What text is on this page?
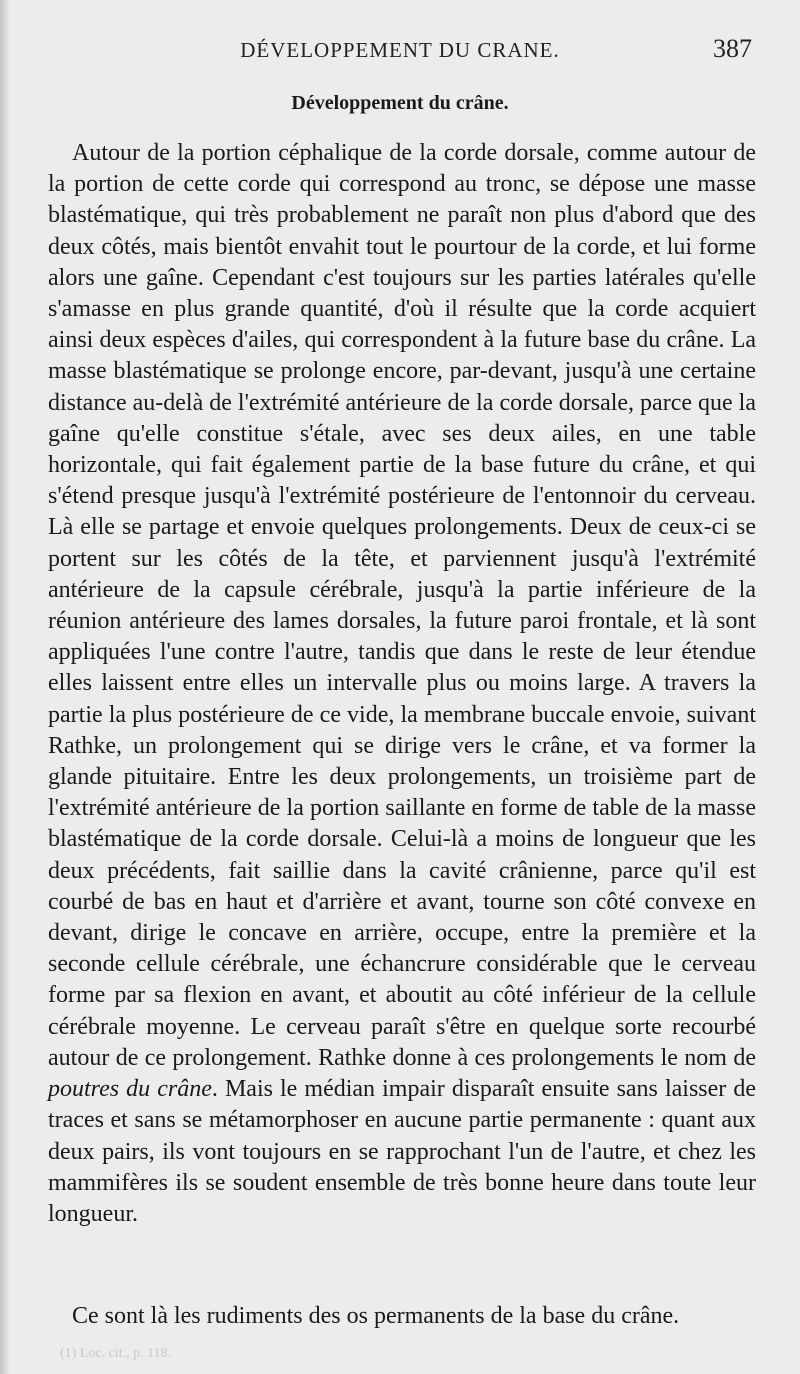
DÉVELOPPEMENT DU CRANE.	387
Développement du crâne.

 Autour de la portion céphalique de la corde dorsale, comme autour de la portion de cette corde qui correspond au tronc, se dépose une masse blastématique, qui très probablement ne paraît non plus d'abord que des deux côtés, mais bientôt envahit tout le pourtour de la corde, et lui forme alors une gaîne. Cependant c'est toujours sur les parties latérales qu'elle s'amasse en plus grande quantité, d'où il résulte que la corde acquiert ainsi deux espèces d'ailes, qui correspondent à la future base du crâne. La masse blastématique se prolonge encore, par-devant, jusqu'à une certaine distance au-delà de l'extrémité antérieure de la corde dorsale, parce que la gaîne qu'elle constitue s'étale, avec ses deux ailes, en une table horizontale, qui fait également partie de la base future du crâne, et qui s'étend presque jusqu'à l'extrémité postérieure de l'entonnoir du cerveau. Là elle se partage et envoie quelques prolongements. Deux de ceux-ci se portent sur les côtés de la tête, et parviennent jusqu'à l'extrémité antérieure de la capsule cérébrale, jusqu'à la partie inférieure de la réunion antérieure des lames dorsales, la future paroi frontale, et là sont appliquées l'une contre l'autre, tandis que dans le reste de leur étendue elles laissent entre elles un intervalle plus ou moins large. A travers la partie la plus postérieure de ce vide, la membrane buccale envoie, suivant Rathke, un prolongement qui se dirige vers le crâne, et va former la glande pituitaire. Entre les deux prolongements, un troisième part de l'extrémité antérieure de la portion saillante en forme de table de la masse blastématique de la corde dorsale. Celui-là a moins de longueur que les deux précédents, fait saillie dans la cavité crânienne, parce qu'il est courbé de bas en haut et d'arrière et avant, tourne son côté convexe en devant, dirige le concave en arrière, occupe, entre la première et la seconde cellule cérébrale, une échancrure considérable que le cerveau forme par sa flexion en avant, et aboutit au côté inférieur de la cellule cérébrale moyenne. Le cerveau paraît s'être en quelque sorte recourbé autour de ce prolongement. Rathke donne à ces prolongements le nom de poutres du crâne. Mais le médian impair disparaît ensuite sans laisser de traces et sans se métamorphoser en aucune partie permanente : quant aux deux pairs, ils vont toujours en se rapprochant l'un de l'autre, et chez les mammifères ils se soudent ensemble de très bonne heure dans toute leur longueur.

 Ce sont là les rudiments des os permanents de la base du crâne.

(1) Loc. cit., p. 118.
